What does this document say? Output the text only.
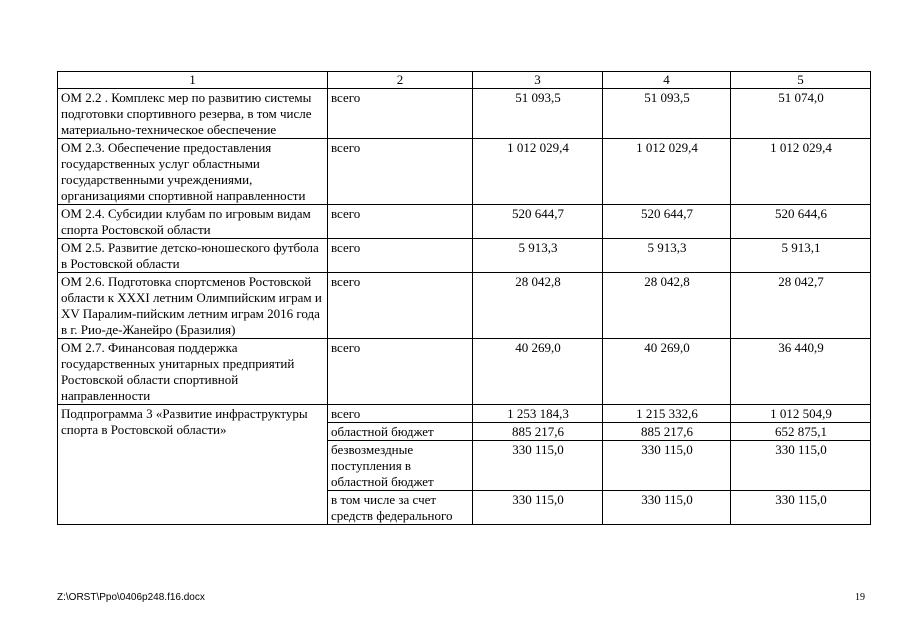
1	2	3	4	5
ОМ 2.2 . Комплекс мер по развитию системы подготовки спортивного резерва, в том числе материально-техническое обеспечение	всего	51 093,5	51 093,5	51 074,0
ОМ 2.3. Обеспечение предоставления государственных услуг областными государственными учреждениями, организациями спортивной направленности	всего	1 012 029,4	1 012 029,4	1 012 029,4
ОМ 2.4. Субсидии клубам по игровым видам спорта Ростовской области	всего	520 644,7	520 644,7	520 644,6
ОМ 2.5. Развитие детско-юношеского футбола в Ростовской области	всего	5 913,3	5 913,3	5 913,1
ОМ 2.6. Подготовка спортсменов Ростовской области к XXXI летним Олимпийским играм и XV Паралим-пийским летним играм 2016 года в г. Рио-де-Жанейро (Бразилия)	всего	28 042,8	28 042,8	28 042,7
ОМ 2.7. Финансовая поддержка государственных унитарных предприятий Ростовской области спортивной направленности	всего	40 269,0	40 269,0	36 440,9
Подпрограмма 3 «Развитие инфраструктуры спорта в Ростовской области»	всего	1 253 184,3	1 215 332,6	1 012 504,9
	областной бюджет	885 217,6	885 217,6	652 875,1
	безвозмездные поступления в областной бюджет	330 115,0	330 115,0	330 115,0
	в том числе за счет средств федерального	330 115,0	330 115,0	330 115,0
Z:\ORST\Ppo\0406p248.f16.docx	19
